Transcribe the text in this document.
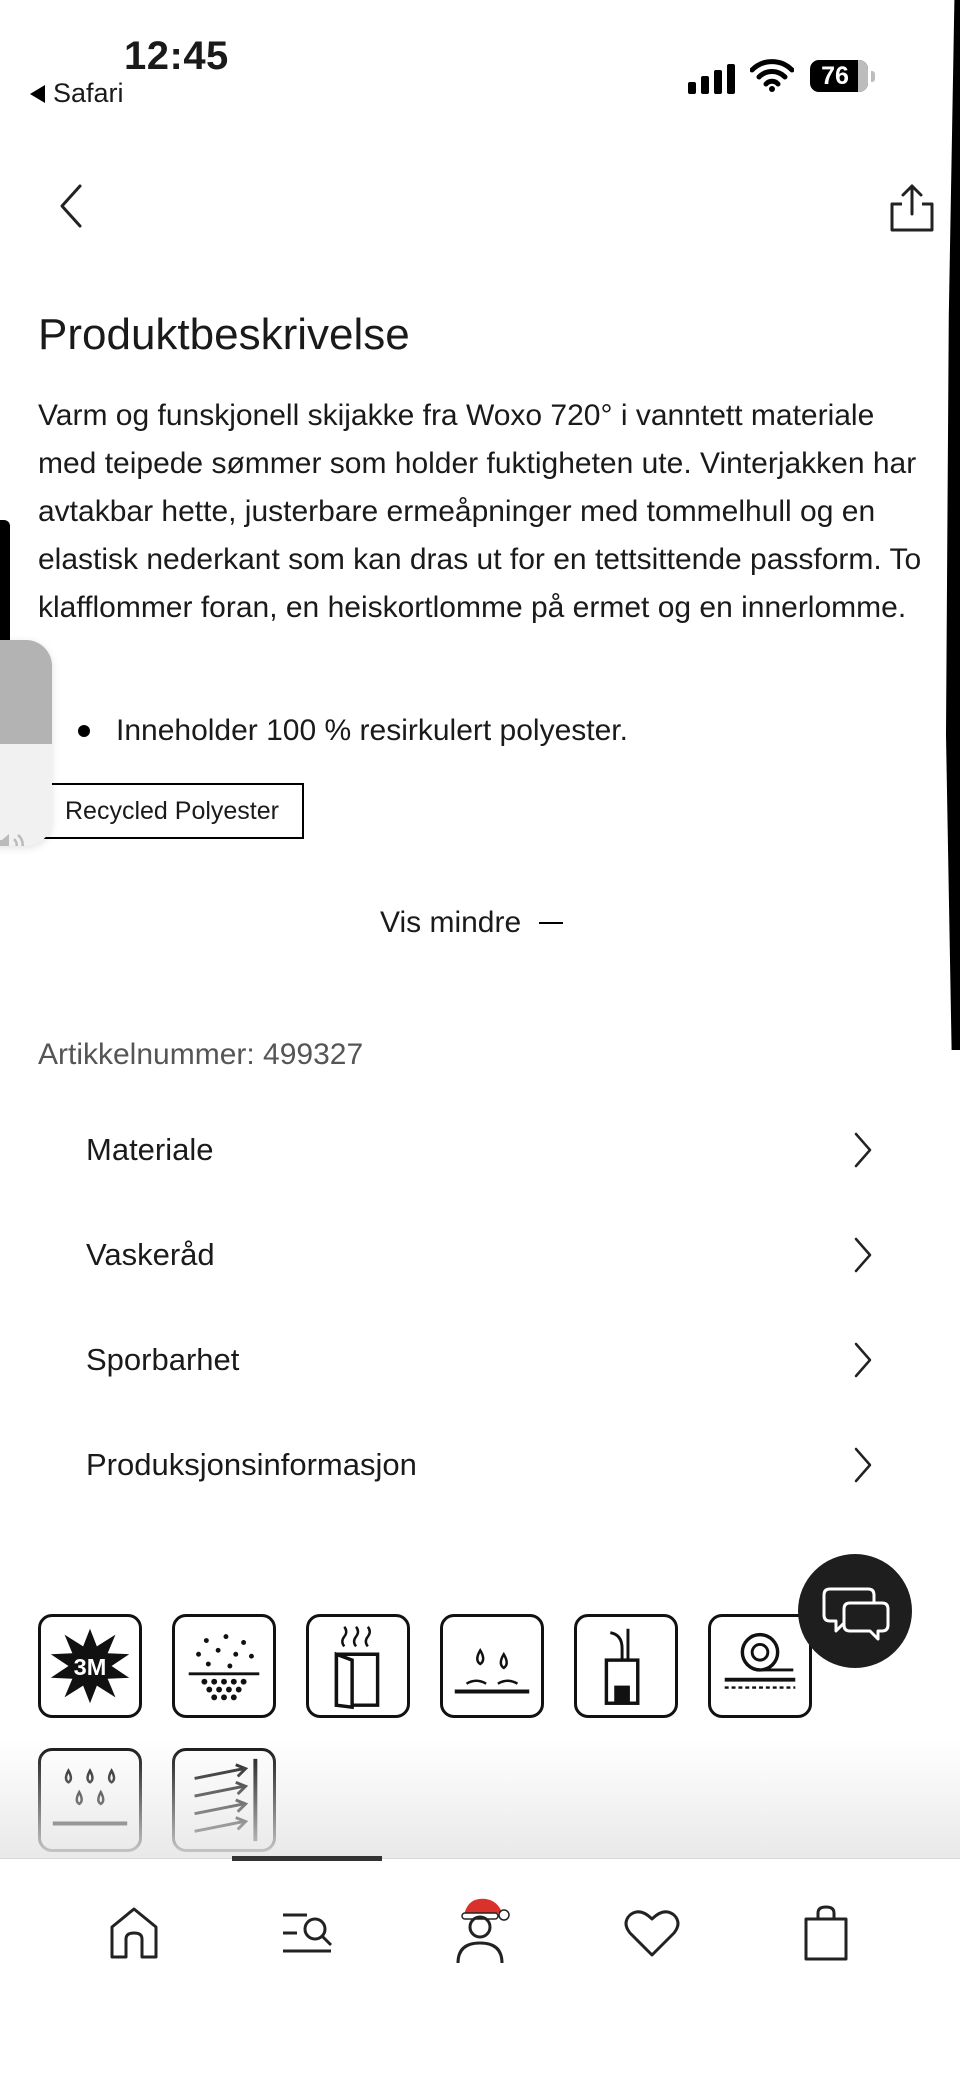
12:45
Safari
76
Produktbeskrivelse

Varm og funskjonell skijakke fra Woxo 720° i vanntett materiale med teipede sømmer som holder fuktigheten ute. Vinterjakken har avtakbar hette, justerbare ermeåpninger med tommelhull og en elastisk nederkant som kan dras ut for en tettsittende passform. To klafflommer foran, en heiskortlomme på ermet og en innerlomme.

Inneholder 100 % resirkulert polyester.
Recycled Polyester
Vis mindre
Artikkelnummer: 499327
Materiale
Vaskeråd
Sporbarhet
Produksjonsinformasjon
3M
